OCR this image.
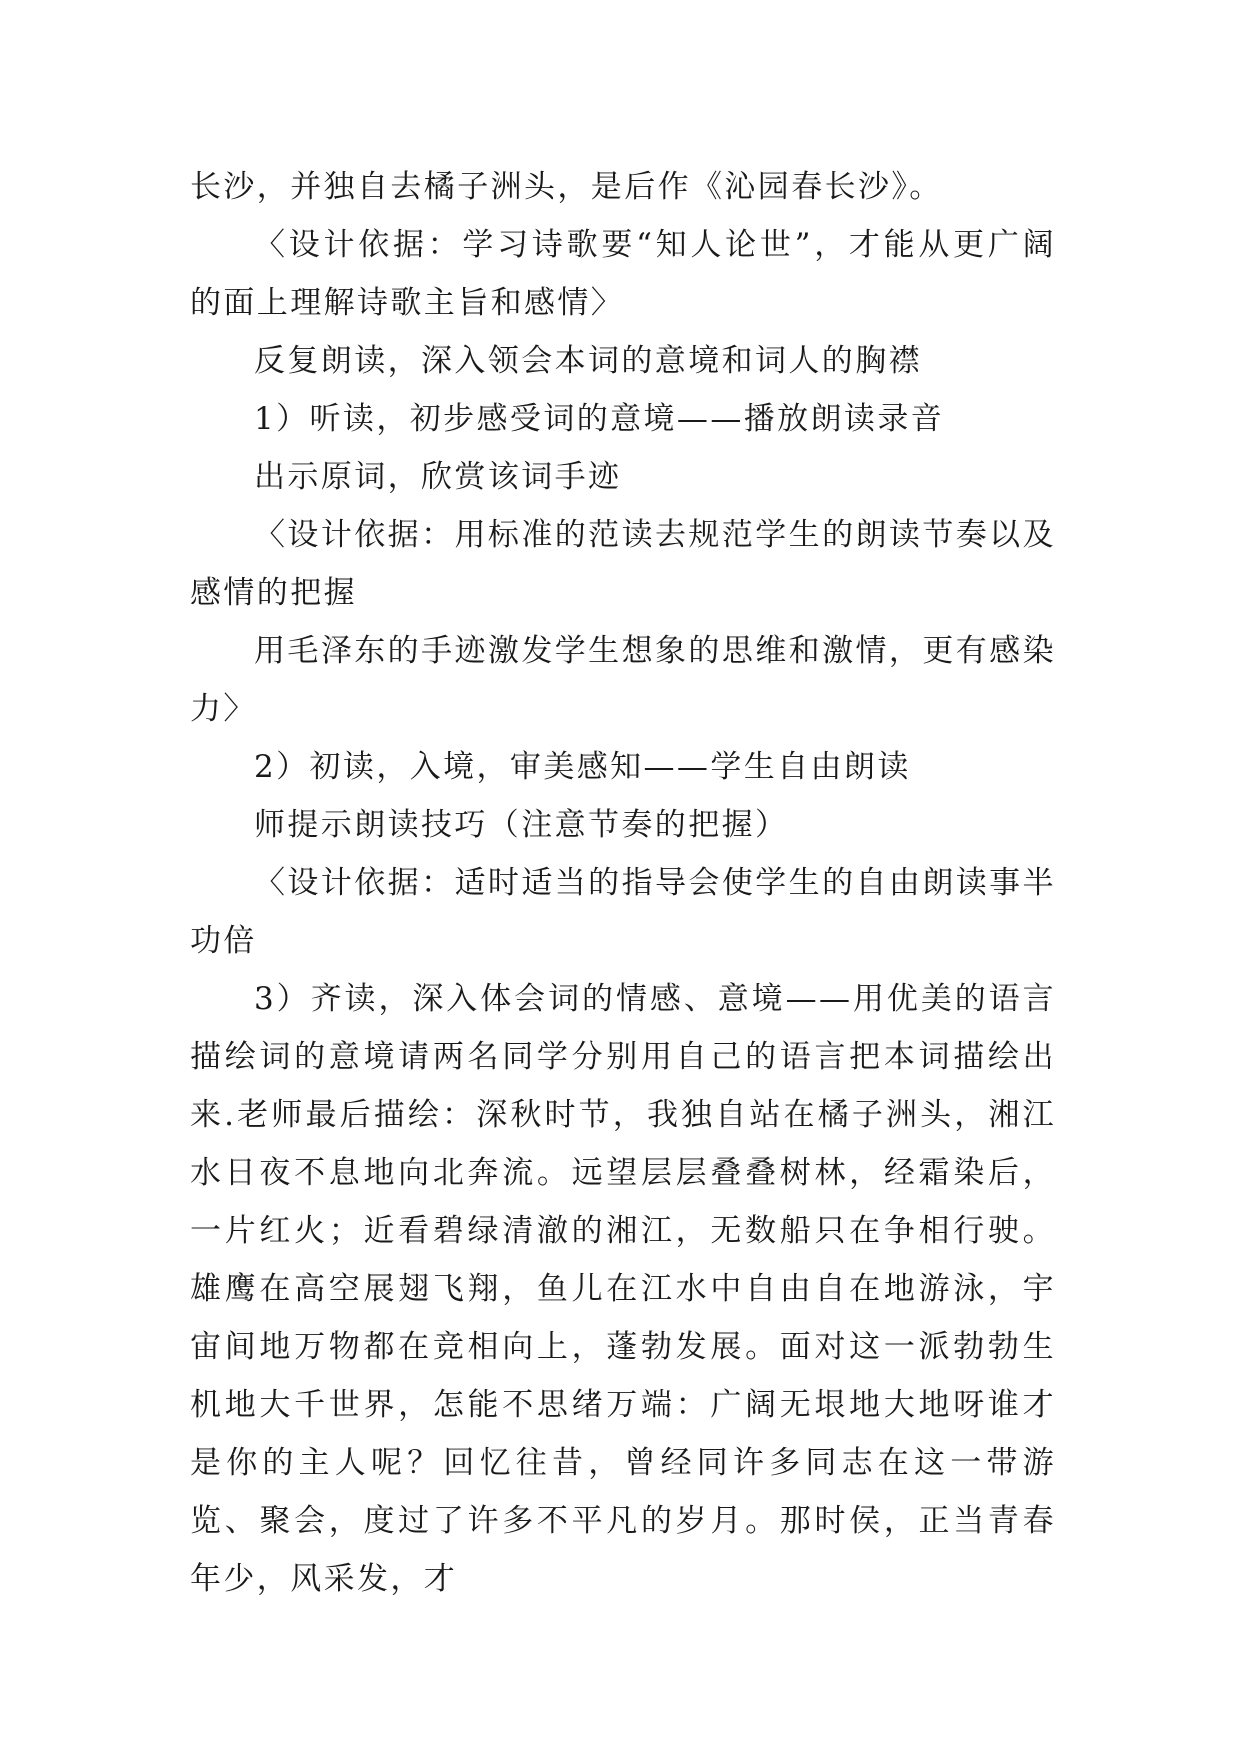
长沙，并独自去橘子洲头，是后作《沁园春长沙》。

〈设计依据：学习诗歌要“知人论世”，才能从更广阔的面上理解诗歌主旨和感情〉

反复朗读，深入领会本词的意境和词人的胸襟

1）听读，初步感受词的意境——播放朗读录音

出示原词，欣赏该词手迹

〈设计依据：用标准的范读去规范学生的朗读节奏以及感情的把握

用毛泽东的手迹激发学生想象的思维和激情，更有感染力〉

2）初读，入境，审美感知——学生自由朗读

师提示朗读技巧（注意节奏的把握）

〈设计依据：适时适当的指导会使学生的自由朗读事半功倍

3）齐读，深入体会词的情感、意境——用优美的语言描绘词的意境请两名同学分别用自己的语言把本词描绘出来.老师最后描绘：深秋时节，我独自站在橘子洲头，湘江水日夜不息地向北奔流。远望层层叠叠树林，经霜染后，一片红火；近看碧绿清澈的湘江，无数船只在争相行驶。雄鹰在高空展翅飞翔，鱼儿在江水中自由自在地游泳，宇宙间地万物都在竞相向上，蓬勃发展。面对这一派勃勃生机地大千世界，怎能不思绪万端：广阔无垠地大地呀谁才是你的主人呢？回忆往昔，曾经同许多同志在这一带游览、聚会，度过了许多不平凡的岁月。那时侯，正当青春年少，风采发，才
